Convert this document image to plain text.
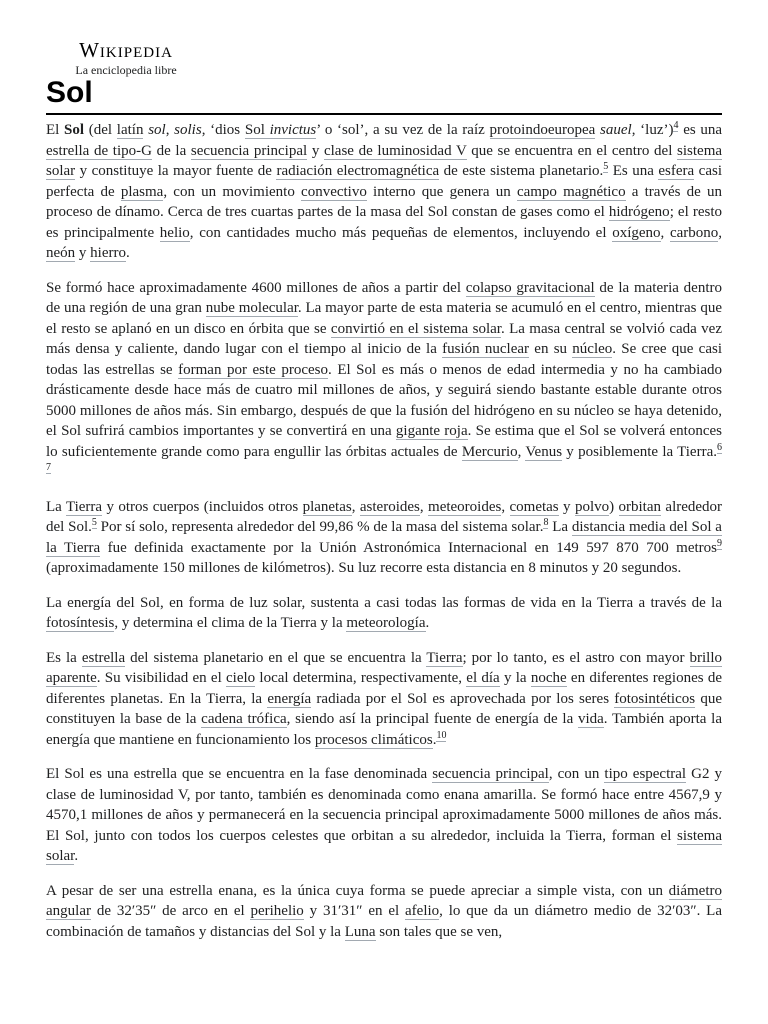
Wikipedia
La enciclopedia libre
Sol

El Sol (del latín sol, solis, ‘dios Sol invictus’ o ‘sol’, a su vez de la raíz protoindoeuropea sauel, ‘luz’)$^4$ es una estrella de tipo-G de la secuencia principal y clase de luminosidad V que se encuentra en el centro del sistema solar y constituye la mayor fuente de radiación electromagnética de este sistema planetario.$^5$ Es una esfera casi perfecta de plasma, con un movimiento convectivo interno que genera un campo magnético a través de un proceso de dínamo. Cerca de tres cuartas partes de la masa del Sol constan de gases como el hidrógeno; el resto es principalmente helio, con cantidades mucho más pequeñas de elementos, incluyendo el oxígeno, carbono, neón y hierro.

Se formó hace aproximadamente 4600 millones de años a partir del colapso gravitacional de la materia dentro de una región de una gran nube molecular. La mayor parte de esta materia se acumuló en el centro, mientras que el resto se aplanó en un disco en órbita que se convirtió en el sistema solar. La masa central se volvió cada vez más densa y caliente, dando lugar con el tiempo al inicio de la fusión nuclear en su núcleo. Se cree que casi todas las estrellas se forman por este proceso. El Sol es más o menos de edad intermedia y no ha cambiado drásticamente desde hace más de cuatro mil millones de años, y seguirá siendo bastante estable durante otros 5000 millones de años más. Sin embargo, después de que la fusión del hidrógeno en su núcleo se haya detenido, el Sol sufrirá cambios importantes y se convertirá en una gigante roja. Se estima que el Sol se volverá entonces lo suficientemente grande como para engullir las órbitas actuales de Mercurio, Venus y posiblemente la Tierra.$^6$ $^7$

La Tierra y otros cuerpos (incluidos otros planetas, asteroides, meteoroides, cometas y polvo) orbitan alrededor del Sol.$^5$ Por sí solo, representa alrededor del 99,86 % de la masa del sistema solar.$^8$ La distancia media del Sol a la Tierra fue definida exactamente por la Unión Astronómica Internacional en 149 597 870 700 metros$^9$ (aproximadamente 150 millones de kilómetros). Su luz recorre esta distancia en 8 minutos y 20 segundos.

La energía del Sol, en forma de luz solar, sustenta a casi todas las formas de vida en la Tierra a través de la fotosíntesis, y determina el clima de la Tierra y la meteorología.

Es la estrella del sistema planetario en el que se encuentra la Tierra; por lo tanto, es el astro con mayor brillo aparente. Su visibilidad en el cielo local determina, respectivamente, el día y la noche en diferentes regiones de diferentes planetas. En la Tierra, la energía radiada por el Sol es aprovechada por los seres fotosintéticos que constituyen la base de la cadena trófica, siendo así la principal fuente de energía de la vida. También aporta la energía que mantiene en funcionamiento los procesos climáticos.$^{10}$

El Sol es una estrella que se encuentra en la fase denominada secuencia principal, con un tipo espectral G2 y clase de luminosidad V, por tanto, también es denominada como enana amarilla. Se formó hace entre 4567,9 y 4570,1 millones de años y permanecerá en la secuencia principal aproximadamente 5000 millones de años más. El Sol, junto con todos los cuerpos celestes que orbitan a su alrededor, incluida la Tierra, forman el sistema solar.

A pesar de ser una estrella enana, es la única cuya forma se puede apreciar a simple vista, con un diámetro angular de 32′35″ de arco en el perihelio y 31′31″ en el afelio, lo que da un diámetro medio de 32′03″. La combinación de tamaños y distancias del Sol y la Luna son tales que se ven,
